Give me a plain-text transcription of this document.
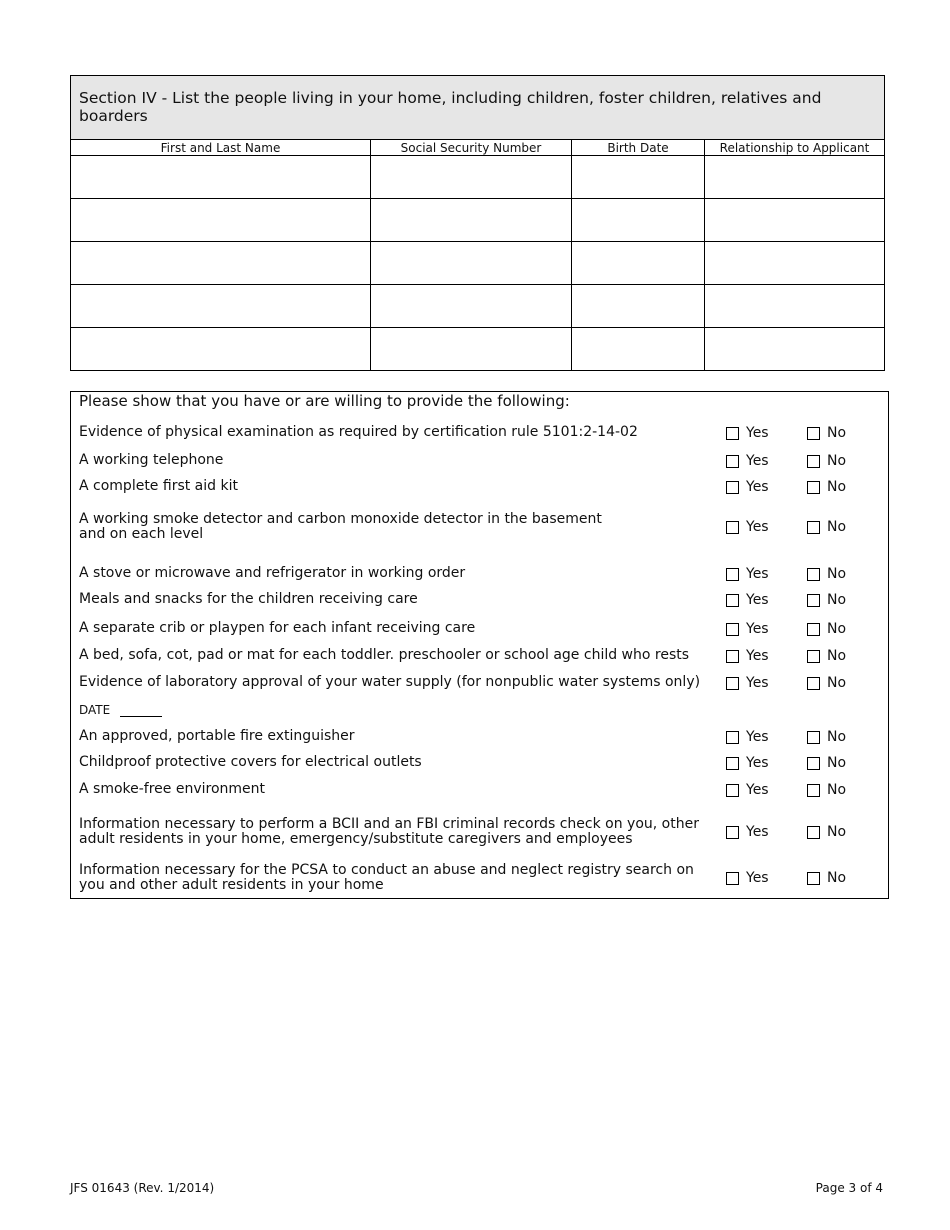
Section IV - List the people living in your home, including children, foster children, relatives and boarders			
First and Last Name	Social Security Number	Birth Date	Relationship to Applicant

Please show that you have or are willing to provide the following:
Evidence of physical examination as required by certification rule 5101:2-14-02	Yes	No
A working telephone	Yes	No
A complete first aid kit	Yes	No
A working smoke detector and carbon monoxide detector in the basement
and on each level	Yes	No
A stove or microwave and refrigerator in working order	Yes	No
Meals and snacks for the children receiving care	Yes	No
A separate crib or playpen for each infant receiving care	Yes	No
A bed, sofa, cot, pad or mat for each toddler. preschooler or school age child who rests	Yes	No
Evidence of laboratory approval of your water supply (for nonpublic water systems only)	Yes	No
An approved, portable fire extinguisher	Yes	No
Childproof protective covers for electrical outlets	Yes	No
A smoke-free environment	Yes	No
Information necessary to perform a BCII and an FBI criminal records check on you, other
adult residents in your home, emergency/substitute caregivers and employees	Yes	No
Information necessary for the PCSA to conduct an abuse and neglect registry search on
you and other adult residents in your home	Yes	No
DATE
JFS 01643 (Rev. 1/2014)	Page 3 of 4
